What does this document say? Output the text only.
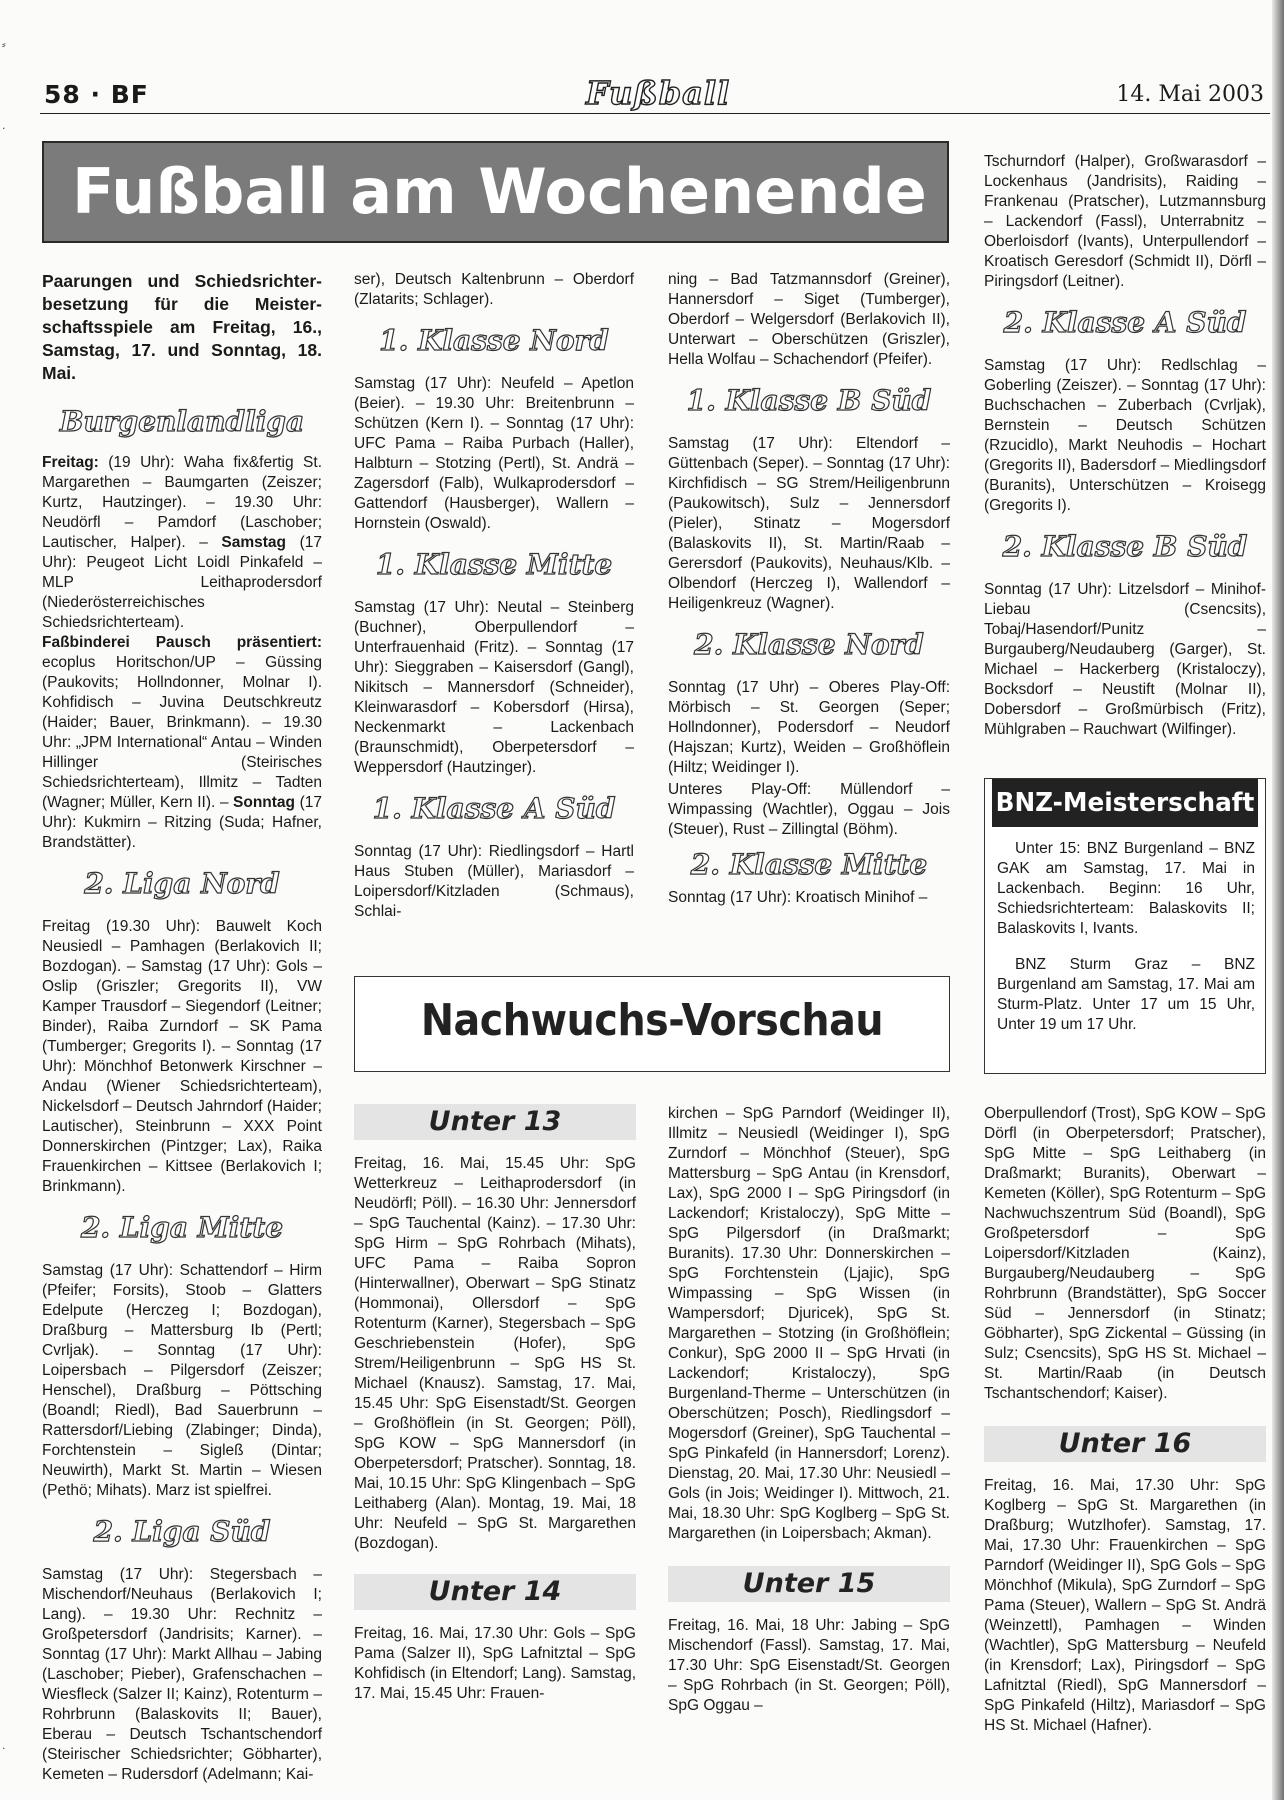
58 · BF	Fußball	14. Mai 2003
Fußball am Wochenende
Paarungen und Schiedsrichterbesetzung für die Meisterschaftsspiele am Freitag, 16., Samstag, 17. und Sonntag, 18. Mai.
Burgenlandliga

Freitag: (19 Uhr): Waha fix&fertig St. Margarethen – Baumgarten (Zeiszer; Kurtz, Hautzinger). – 19.30 Uhr: Neudörfl – Pamdorf (Laschober; Lautischer, Halper). – Samstag (17 Uhr): Peugeot Licht Loidl Pinkafeld – MLP Leithaprodersdorf (Niederösterreichisches Schiedsrichterteam).
Faßbinderei Pausch präsentiert: ecoplus Horitschon/UP – Güssing (Paukovits; Hollndonner, Molnar I). Kohfidisch – Juvina Deutschkreutz (Haider; Bauer, Brinkmann). – 19.30 Uhr: „JPM International“ Antau – Winden Hillinger (Steirisches Schiedsrichterteam), Illmitz – Tadten (Wagner; Müller, Kern II). – Sonntag (17 Uhr): Kukmirn – Ritzing (Suda; Hafner, Brandstätter).

2. Liga Nord

Freitag (19.30 Uhr): Bauwelt Koch Neusiedl – Pamhagen (Berlakovich II; Bozdogan). – Samstag (17 Uhr): Gols – Oslip (Griszler; Gregorits II), VW Kamper Trausdorf – Siegendorf (Leitner; Binder), Raiba Zurndorf – SK Pama (Tumberger; Gregorits I). – Sonntag (17 Uhr): Mönchhof Betonwerk Kirschner – Andau (Wiener Schiedsrichterteam), Nickelsdorf – Deutsch Jahrndorf (Haider; Lautischer), Steinbrunn – XXX Point Donnerskirchen (Pintzger; Lax), Raika Frauenkirchen – Kittsee (Berlakovich I; Brinkmann).

2. Liga Mitte

Samstag (17 Uhr): Schattendorf – Hirm (Pfeifer; Forsits), Stoob – Glatters Edelpute (Herczeg I; Bozdogan), Draßburg – Mattersburg Ib (Pertl; Cvrljak). – Sonntag (17 Uhr): Loipersbach – Pilgersdorf (Zeiszer; Henschel), Draßburg – Pöttsching (Boandl; Riedl), Bad Sauerbrunn – Rattersdorf/Liebing (Zlabinger; Dinda), Forchtenstein – Sigleß (Dintar; Neuwirth), Markt St. Martin – Wiesen (Pethö; Mihats). Marz ist spielfrei.

2. Liga Süd

Samstag (17 Uhr): Stegersbach – Mischendorf/Neuhaus (Berlakovich I; Lang). – 19.30 Uhr: Rechnitz – Großpetersdorf (Jandrisits; Karner). – Sonntag (17 Uhr): Markt Allhau – Jabing (Laschober; Pieber), Grafenschachen – Wiesfleck (Salzer II; Kainz), Rotenturm – Rohrbrunn (Balaskovits II; Bauer), Eberau – Deutsch Tschantschendorf (Steirischer Schiedsrichter; Göbharter), Kemeten – Rudersdorf (Adelmann; Kai-

ser), Deutsch Kaltenbrunn – Oberdorf (Zlatarits; Schlager).

1. Klasse Nord

Samstag (17 Uhr): Neufeld – Apetlon (Beier). – 19.30 Uhr: Breitenbrunn – Schützen (Kern I). – Sonntag (17 Uhr): UFC Pama – Raiba Purbach (Haller), Halbturn – Stotzing (Pertl), St. Andrä – Zagersdorf (Falb), Wulkaprodersdorf – Gattendorf (Hausberger), Wallern – Hornstein (Oswald).

1. Klasse Mitte

Samstag (17 Uhr): Neutal – Steinberg (Buchner), Oberpullendorf – Unterfrauenhaid (Fritz). – Sonntag (17 Uhr): Sieggraben – Kaisersdorf (Gangl), Nikitsch – Mannersdorf (Schneider), Kleinwarasdorf – Kobersdorf (Hirsa), Neckenmarkt – Lackenbach (Braunschmidt), Oberpetersdorf – Weppersdorf (Hautzinger).

1. Klasse A Süd

Sonntag (17 Uhr): Riedlingsdorf – Hartl Haus Stuben (Müller), Mariasdorf – Loipersdorf/Kitzladen (Schmaus), Schlai-

ning – Bad Tatzmannsdorf (Greiner), Hannersdorf – Siget (Tumberger), Oberdorf – Welgersdorf (Berlakovich II), Unterwart – Oberschützen (Griszler), Hella Wolfau – Schachendorf (Pfeifer).

1. Klasse B Süd

Samstag (17 Uhr): Eltendorf – Güttenbach (Seper). – Sonntag (17 Uhr): Kirchfidisch – SG Strem/Heiligenbrunn (Paukowitsch), Sulz – Jennersdorf (Pieler), Stinatz – Mogersdorf (Balaskovits II), St. Martin/Raab – Gerersdorf (Paukovits), Neuhaus/Klb. – Olbendorf (Herczeg I), Wallendorf – Heiligenkreuz (Wagner).

2. Klasse Nord

Sonntag (17 Uhr) – Oberes Play-Off: Mörbisch – St. Georgen (Seper; Hollndonner), Podersdorf – Neudorf (Hajszan; Kurtz), Weiden – Großhöflein (Hiltz; Weidinger I).

Unteres Play-Off: Müllendorf – Wimpassing (Wachtler), Oggau – Jois (Steuer), Rust – Zillingtal (Böhm).

2. Klasse Mitte

Sonntag (17 Uhr): Kroatisch Minihof –

Tschurndorf (Halper), Großwarasdorf – Lockenhaus (Jandrisits), Raiding – Frankenau (Pratscher), Lutzmannsburg – Lackendorf (Fassl), Unterrabnitz – Oberloisdorf (Ivants), Unterpullendorf – Kroatisch Geresdorf (Schmidt II), Dörfl – Piringsdorf (Leitner).

2. Klasse A Süd

Samstag (17 Uhr): Redlschlag – Goberling (Zeiszer). – Sonntag (17 Uhr): Buchschachen – Zuberbach (Cvrljak), Bernstein – Deutsch Schützen (Rzucidlo), Markt Neuhodis – Hochart (Gregorits II), Badersdorf – Miedlingsdorf (Buranits), Unterschützen – Kroisegg (Gregorits I).

2. Klasse B Süd

Sonntag (17 Uhr): Litzelsdorf – Minihof-Liebau (Csencsits), Tobaj/Hasendorf/Punitz – Burgauberg/Neudauberg (Garger), St. Michael – Hackerberg (Kristaloczy), Bocksdorf – Neustift (Molnar II), Dobersdorf – Großmürbisch (Fritz), Mühlgraben – Rauchwart (Wilfinger).

BNZ-Meisterschaft

Unter 15: BNZ Burgenland – BNZ GAK am Samstag, 17. Mai in Lackenbach. Beginn: 16 Uhr, Schiedsrichterteam: Balaskovits II; Balaskovits I, Ivants.

BNZ Sturm Graz – BNZ Burgenland am Samstag, 17. Mai am Sturm-Platz. Unter 17 um 15 Uhr, Unter 19 um 17 Uhr.

Nachwuchs-Vorschau
Unter 13

Freitag, 16. Mai, 15.45 Uhr: SpG Wetterkreuz – Leithaprodersdorf (in Neudörfl; Pöll). – 16.30 Uhr: Jennersdorf – SpG Tauchental (Kainz). – 17.30 Uhr: SpG Hirm – SpG Rohrbach (Mihats), UFC Pama – Raiba Sopron (Hinterwallner), Oberwart – SpG Stinatz (Hommonai), Ollersdorf – SpG Rotenturm (Karner), Stegersbach – SpG Geschriebenstein (Hofer), SpG Strem/Heiligenbrunn – SpG HS St. Michael (Knausz). Samstag, 17. Mai, 15.45 Uhr: SpG Eisenstadt/St. Georgen – Großhöflein (in St. Georgen; Pöll), SpG KOW – SpG Mannersdorf (in Oberpetersdorf; Pratscher). Sonntag, 18. Mai, 10.15 Uhr: SpG Klingenbach – SpG Leithaberg (Alan). Montag, 19. Mai, 18 Uhr: Neufeld – SpG St. Margarethen (Bozdogan).

Unter 14

Freitag, 16. Mai, 17.30 Uhr: Gols – SpG Pama (Salzer II), SpG Lafnitztal – SpG Kohfidisch (in Eltendorf; Lang). Samstag, 17. Mai, 15.45 Uhr: Frauen-

kirchen – SpG Parndorf (Weidinger II), Illmitz – Neusiedl (Weidinger I), SpG Zurndorf – Mönchhof (Steuer), SpG Mattersburg – SpG Antau (in Krensdorf, Lax), SpG 2000 I – SpG Piringsdorf (in Lackendorf; Kristaloczy), SpG Mitte – SpG Pilgersdorf (in Draßmarkt; Buranits). 17.30 Uhr: Donnerskirchen – SpG Forchtenstein (Ljajic), SpG Wimpassing – SpG Wissen (in Wampersdorf; Djuricek), SpG St. Margarethen – Stotzing (in Großhöflein; Conkur), SpG 2000 II – SpG Hrvati (in Lackendorf; Kristaloczy), SpG Burgenland-Therme – Unterschützen (in Oberschützen; Posch), Riedlingsdorf – Mogersdorf (Greiner), SpG Tauchental – SpG Pinkafeld (in Hannersdorf; Lorenz). Dienstag, 20. Mai, 17.30 Uhr: Neusiedl – Gols (in Jois; Weidinger I). Mittwoch, 21. Mai, 18.30 Uhr: SpG Koglberg – SpG St. Margarethen (in Loipersbach; Akman).

Unter 15

Freitag, 16. Mai, 18 Uhr: Jabing – SpG Mischendorf (Fassl). Samstag, 17. Mai, 17.30 Uhr: SpG Eisenstadt/St. Georgen – SpG Rohrbach (in St. Georgen; Pöll), SpG Oggau –

Oberpullendorf (Trost), SpG KOW – SpG Dörfl (in Oberpetersdorf; Pratscher), SpG Mitte – SpG Leithaberg (in Draßmarkt; Buranits), Oberwart – Kemeten (Köller), SpG Rotenturm – SpG Nachwuchszentrum Süd (Boandl), SpG Großpetersdorf – SpG Loipersdorf/Kitzladen (Kainz), Burgauberg/Neudauberg – SpG Rohrbrunn (Brandstätter), SpG Soccer Süd – Jennersdorf (in Stinatz; Göbharter), SpG Zickental – Güssing (in Sulz; Csencsits), SpG HS St. Michael – St. Martin/Raab (in Deutsch Tschantschendorf; Kaiser).

Unter 16

Freitag, 16. Mai, 17.30 Uhr: SpG Koglberg – SpG St. Margarethen (in Draßburg; Wutzlhofer). Samstag, 17. Mai, 17.30 Uhr: Frauenkirchen – SpG Parndorf (Weidinger II), SpG Gols – SpG Mönchhof (Mikula), SpG Zurndorf – SpG Pama (Steuer), Wallern – SpG St. Andrä (Weinzettl), Pamhagen – Winden (Wachtler), SpG Mattersburg – Neufeld (in Krensdorf; Lax), Piringsdorf – SpG Lafnitztal (Riedl), SpG Mannersdorf – SpG Pinkafeld (Hiltz), Mariasdorf – SpG HS St. Michael (Hafner).

⸗
·
·
